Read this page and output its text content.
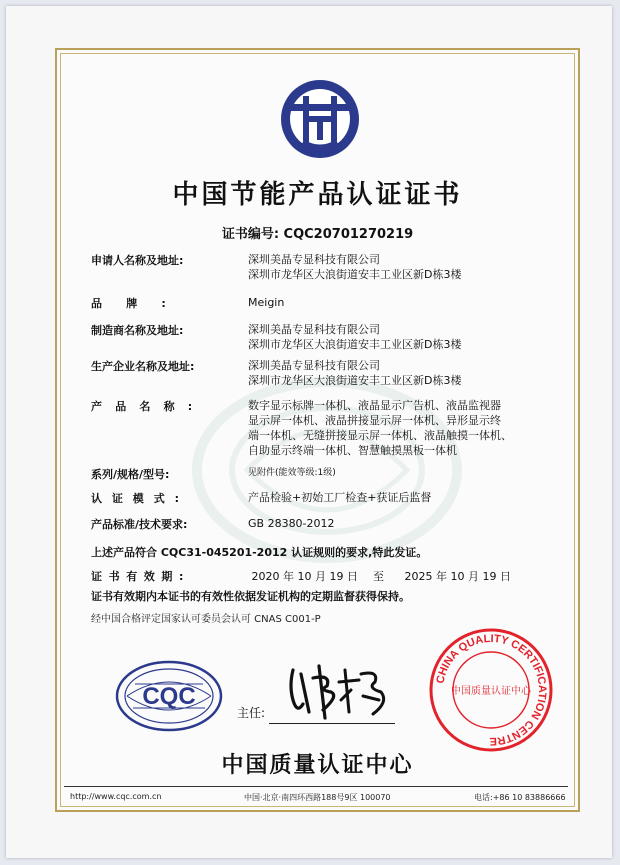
中国节能产品认证证书
证书编号: CQC20701270219
申请人名称及地址:	深圳美晶专显科技有限公司
深圳市龙华区大浪街道安丰工业区新D栋3楼
品牌:	Meigin
制造商名称及地址:	深圳美晶专显科技有限公司
深圳市龙华区大浪街道安丰工业区新D栋3楼
生产企业名称及地址:	深圳美晶专显科技有限公司
深圳市龙华区大浪街道安丰工业区新D栋3楼
产品名称:	数字显示标牌一体机、液晶显示广告机、液晶监视器
显示屏一体机、液晶拼接显示屏一体机、异形显示终
端一体机、无缝拼接显示屏一体机、液晶触摸一体机、
自助显示终端一体机、智慧触摸黑板一体机
系列/规格/型号:	见附件(能效等级:1级)
认证模式:	产品检验+初始工厂检查+获证后监督
产品标准/技术要求:	GB 28380-2012
上述产品符合 CQC31-045201-2012 认证规则的要求,特此发证。
证书有效期:	2020 年 10 月 19 日 至 2025 年 10 月 19 日
证书有效期内本证书的有效性依据发证机构的定期监督获得保持。
经中国合格评定国家认可委员会认可 CNAS C001-P
CQC
主任:
CHINA QUALITY CERTIFICATION CENTRE
中国质量认证中心
中国质量认证中心
http://www.cqc.com.cn	中国·北京·南四环西路188号9区 100070	电话:+86 10 83886666
